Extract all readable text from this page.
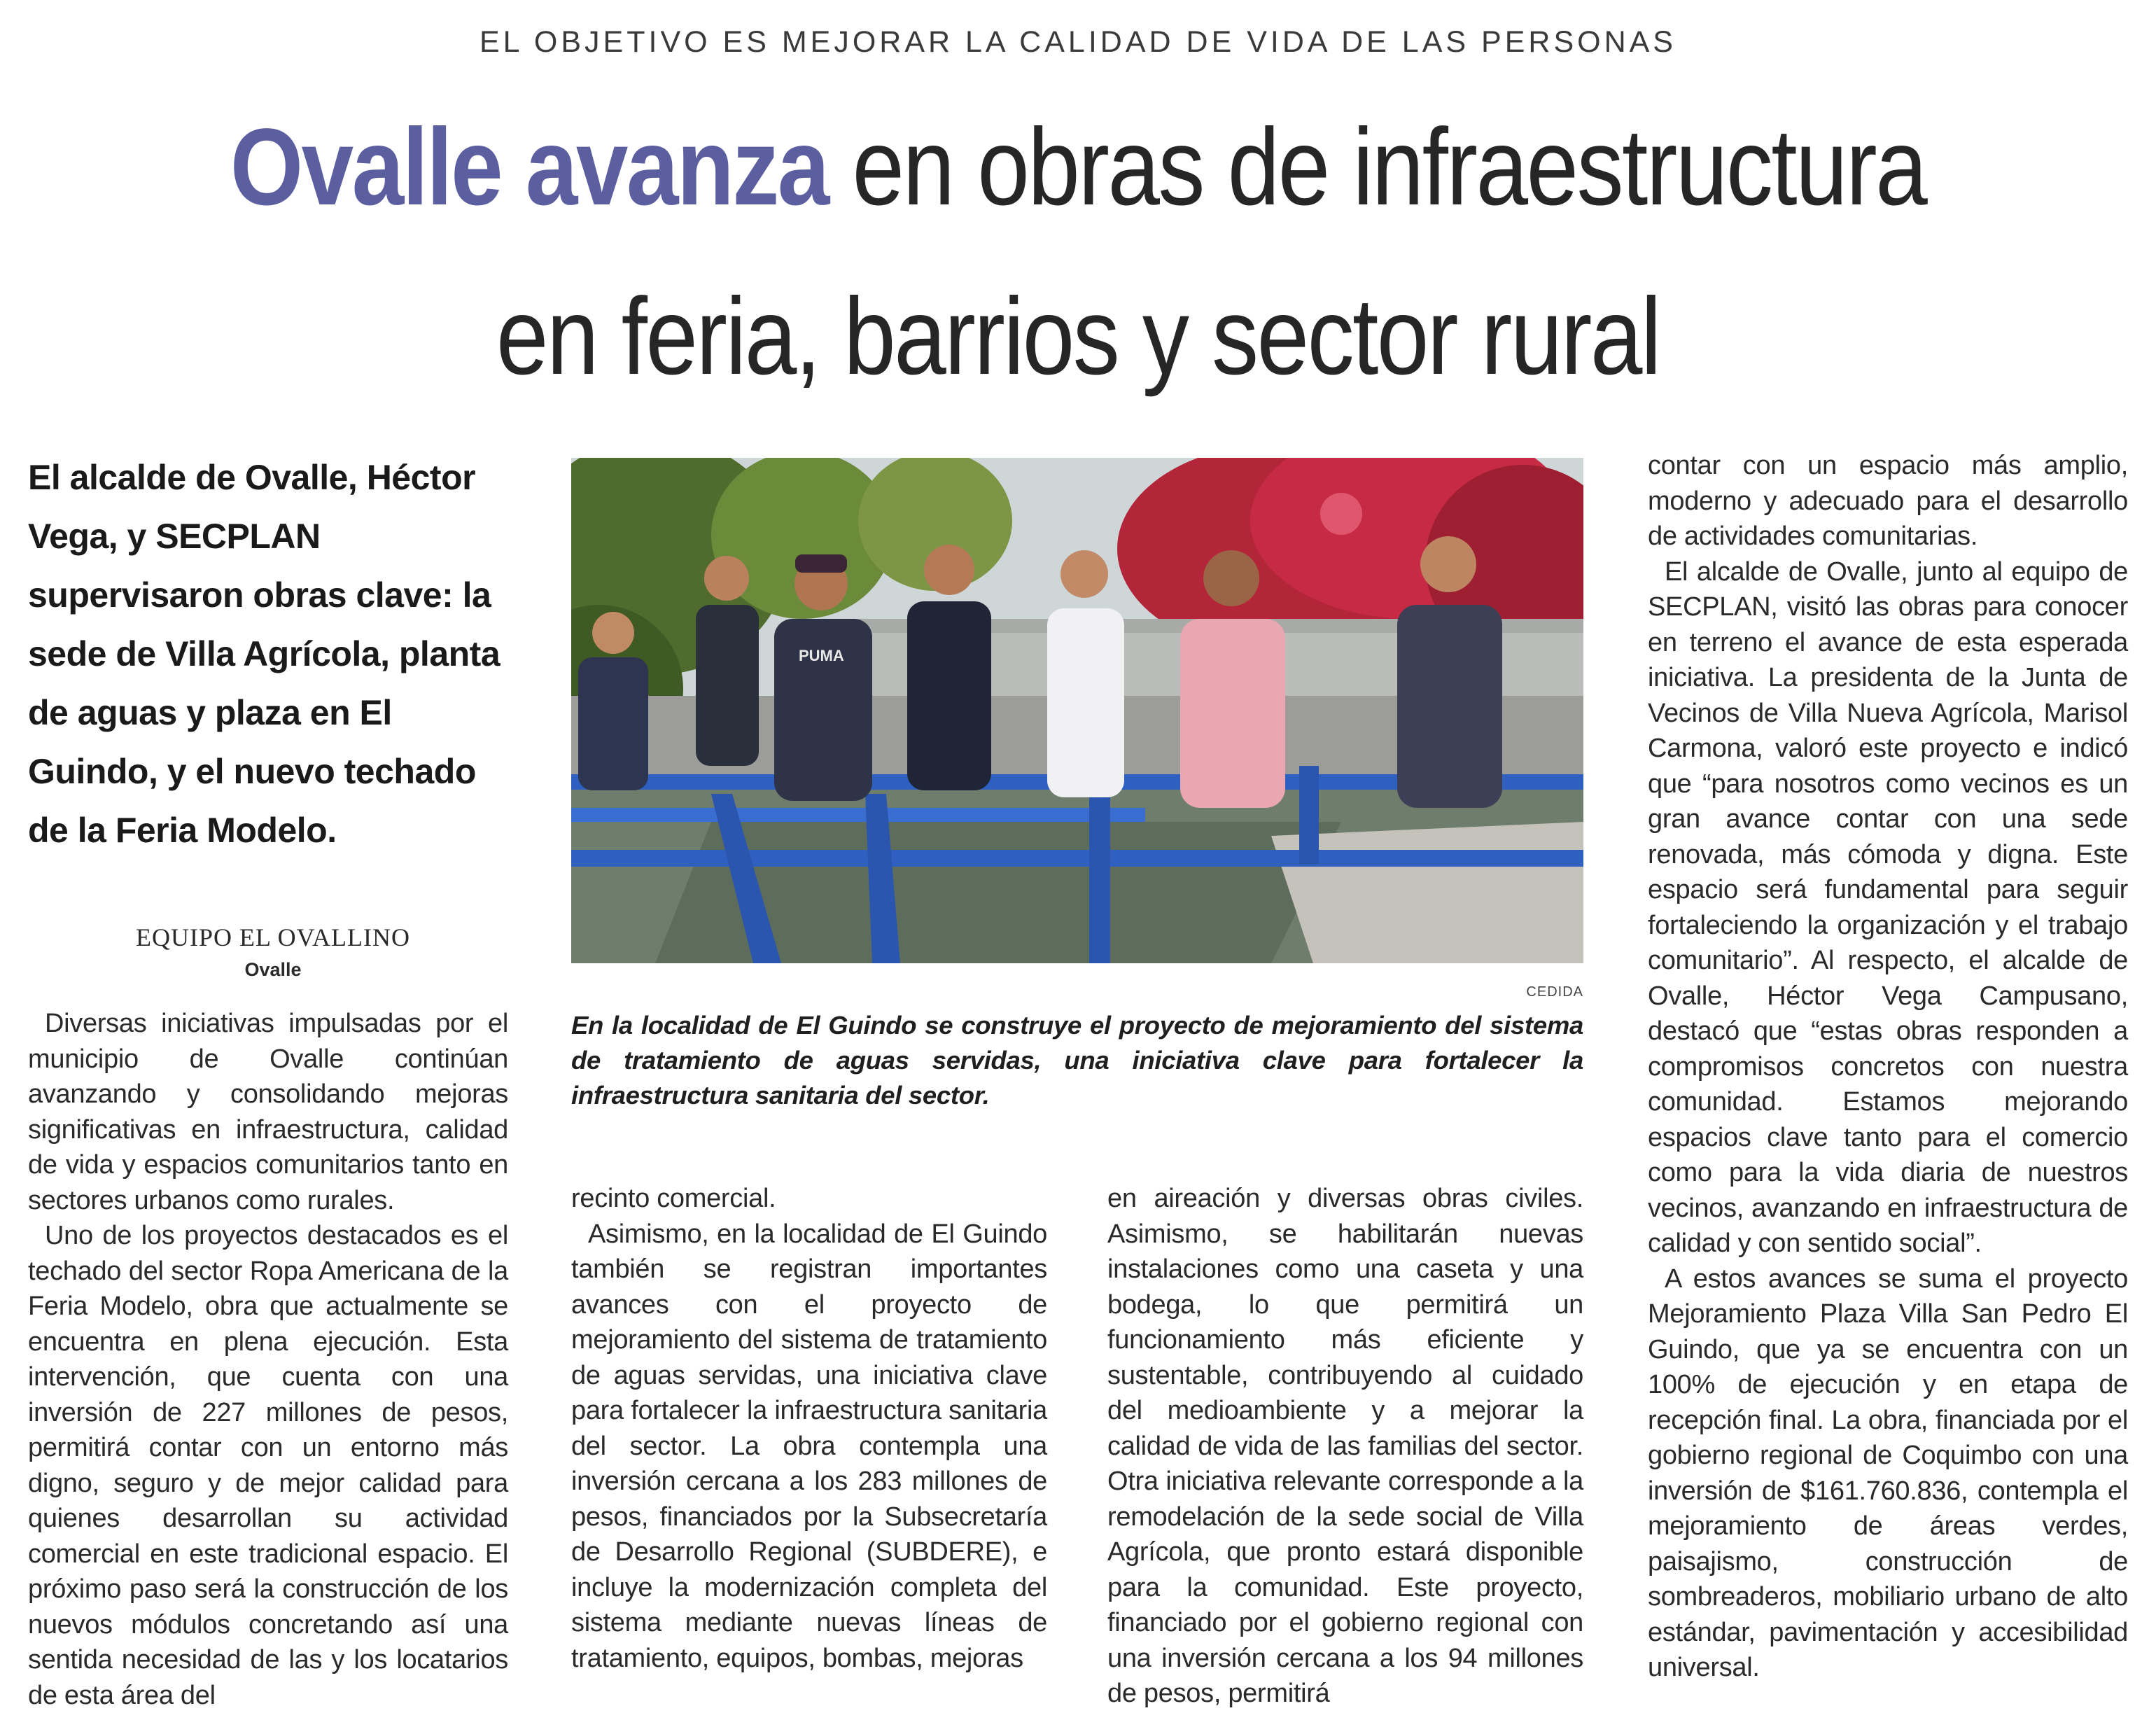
EL OBJETIVO ES MEJORAR LA CALIDAD DE VIDA DE LAS PERSONAS
Ovalle avanza en obras de infraestructura en feria, barrios y sector rural
El alcalde de Ovalle, Héctor Vega, y SECPLAN supervisaron obras clave: la sede de Villa Agrícola, planta de aguas y plaza en El Guindo, y el nuevo techado de la Feria Modelo.
EQUIPO EL OVALLINO
Ovalle

Diversas iniciativas impulsadas por el municipio de Ovalle continúan avanzando y consolidando mejoras significativas en infraestructura, calidad de vida y espacios comunitarios tanto en sectores urbanos como rurales.

Uno de los proyectos destacados es el techado del sector Ropa Americana de la Feria Modelo, obra que actualmente se encuentra en plena ejecución. Esta intervención, que cuenta con una inversión de 227 millones de pesos, permitirá contar con un entorno más digno, seguro y de mejor calidad para quienes desarrollan su actividad comercial en este tradicional espacio. El próximo paso será la construcción de los nuevos módulos concretando así una sentida necesidad de las y los locatarios de esta área del

PUMA
CEDIDA
En la localidad de El Guindo se construye el proyecto de mejoramiento del sistema de tratamiento de aguas servidas, una iniciativa clave para fortalecer la infraestructura sanitaria del sector.

recinto comercial.

Asimismo, en la localidad de El Guindo también se registran importantes avances con el proyecto de mejoramiento del sistema de tratamiento de aguas servidas, una iniciativa clave para fortalecer la infraestructura sanitaria del sector. La obra contempla una inversión cercana a los 283 millones de pesos, financiados por la Subsecretaría de Desarrollo Regional (SUBDERE), e incluye la modernización completa del sistema mediante nuevas líneas de tratamiento, equipos, bombas, mejoras

en aireación y diversas obras civiles. Asimismo, se habilitarán nuevas instalaciones como una caseta y una bodega, lo que permitirá un funcionamiento más eficiente y sustentable, contribuyendo al cuidado del medioambiente y a mejorar la calidad de vida de las familias del sector. Otra iniciativa relevante corresponde a la remodelación de la sede social de Villa Agrícola, que pronto estará disponible para la comunidad. Este proyecto, financiado por el gobierno regional con una inversión cercana a los 94 millones de pesos, permitirá

contar con un espacio más amplio, moderno y adecuado para el desarrollo de actividades comunitarias.

El alcalde de Ovalle, junto al equipo de SECPLAN, visitó las obras para conocer en terreno el avance de esta esperada iniciativa. La presidenta de la Junta de Vecinos de Villa Nueva Agrícola, Marisol Carmona, valoró este proyecto e indicó que “para nosotros como vecinos es un gran avance contar con una sede renovada, más cómoda y digna. Este espacio será fundamental para seguir fortaleciendo la organización y el trabajo comunitario”. Al respecto, el alcalde de Ovalle, Héctor Vega Campusano, destacó que “estas obras responden a compromisos concretos con nuestra comunidad. Estamos mejorando espacios clave tanto para el comercio como para la vida diaria de nuestros vecinos, avanzando en infraestructura de calidad y con sentido social”.

A estos avances se suma el proyecto Mejoramiento Plaza Villa San Pedro El Guindo, que ya se encuentra con un 100% de ejecución y en etapa de recepción final. La obra, financiada por el gobierno regional de Coquimbo con una inversión de $161.760.836, contempla el mejoramiento de áreas verdes, paisajismo, construcción de sombreaderos, mobiliario urbano de alto estándar, pavimentación y accesibilidad universal.
